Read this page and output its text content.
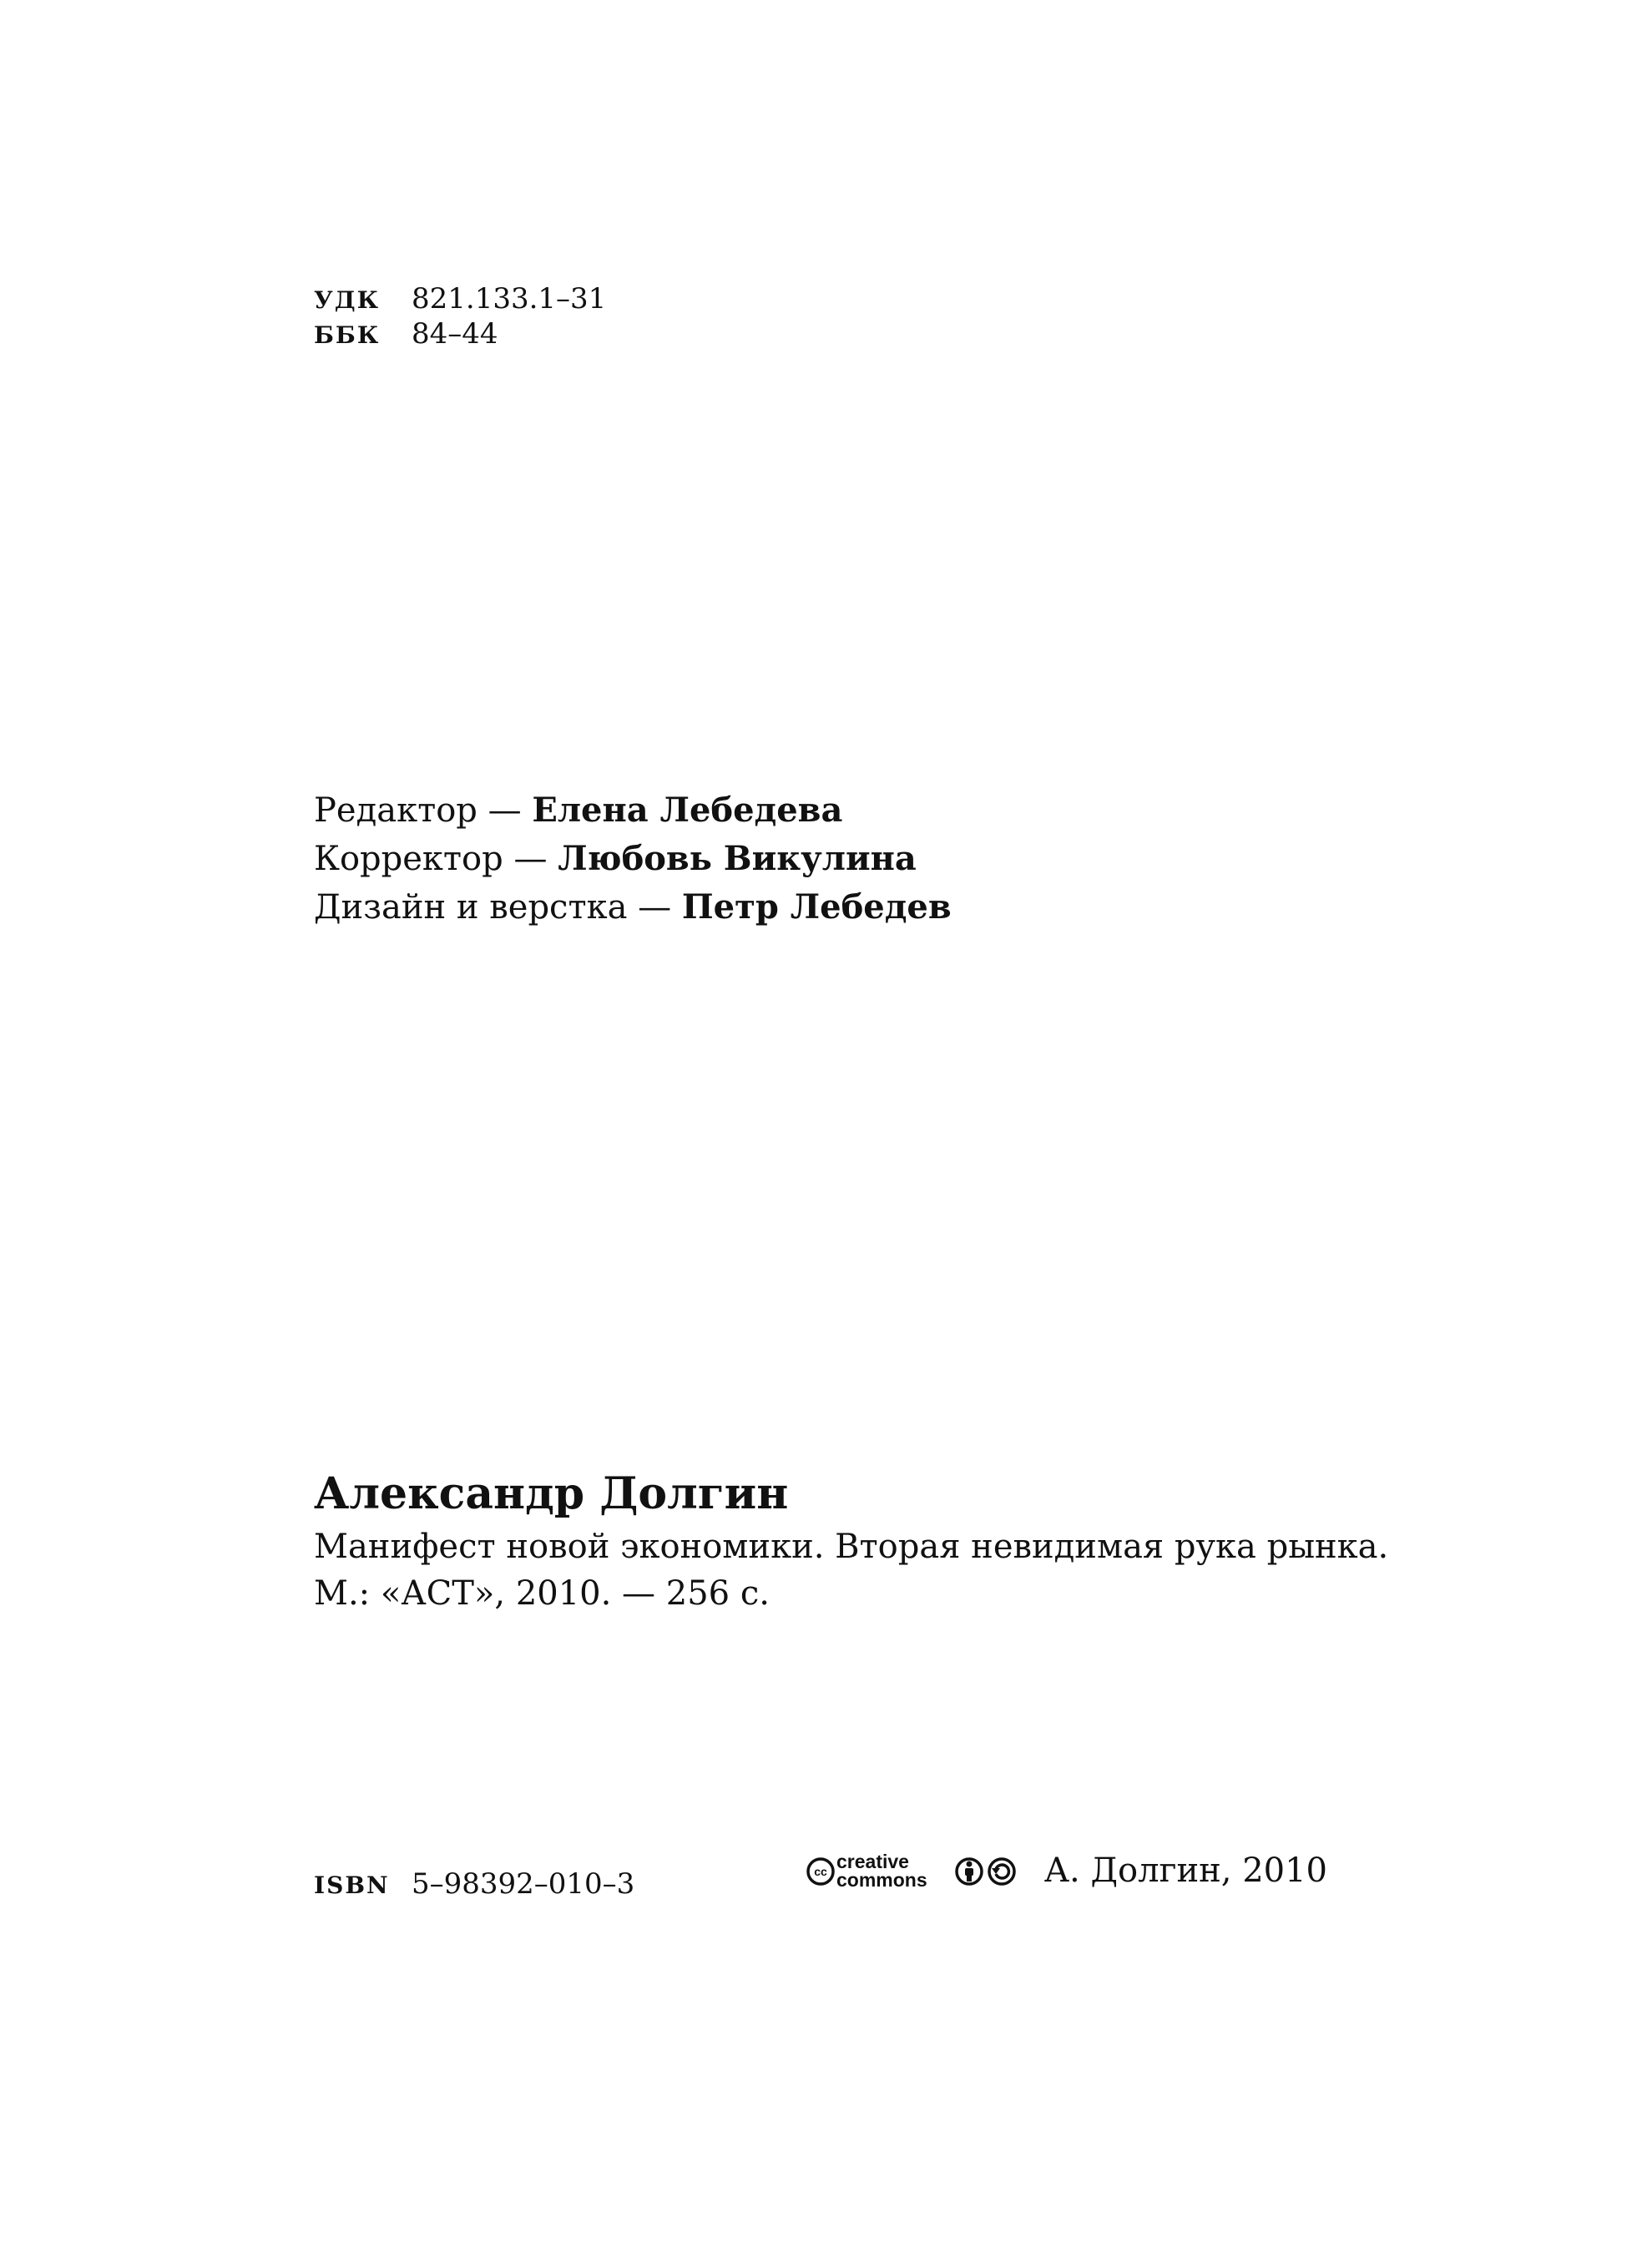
УДК	821.133.1–31
ББК	84–44
Редактор — Елена Лебедева
Корректор — Любовь Викулина
Дизайн и верстка — Петр Лебедев
Александр Долгин
Манифест новой экономики. Вторая невидимая рука рынка.
М.: «АСТ», 2010. — 256 с.
ISBN 5–98392–010–3	cc creative
commons	А. Долгин, 2010
